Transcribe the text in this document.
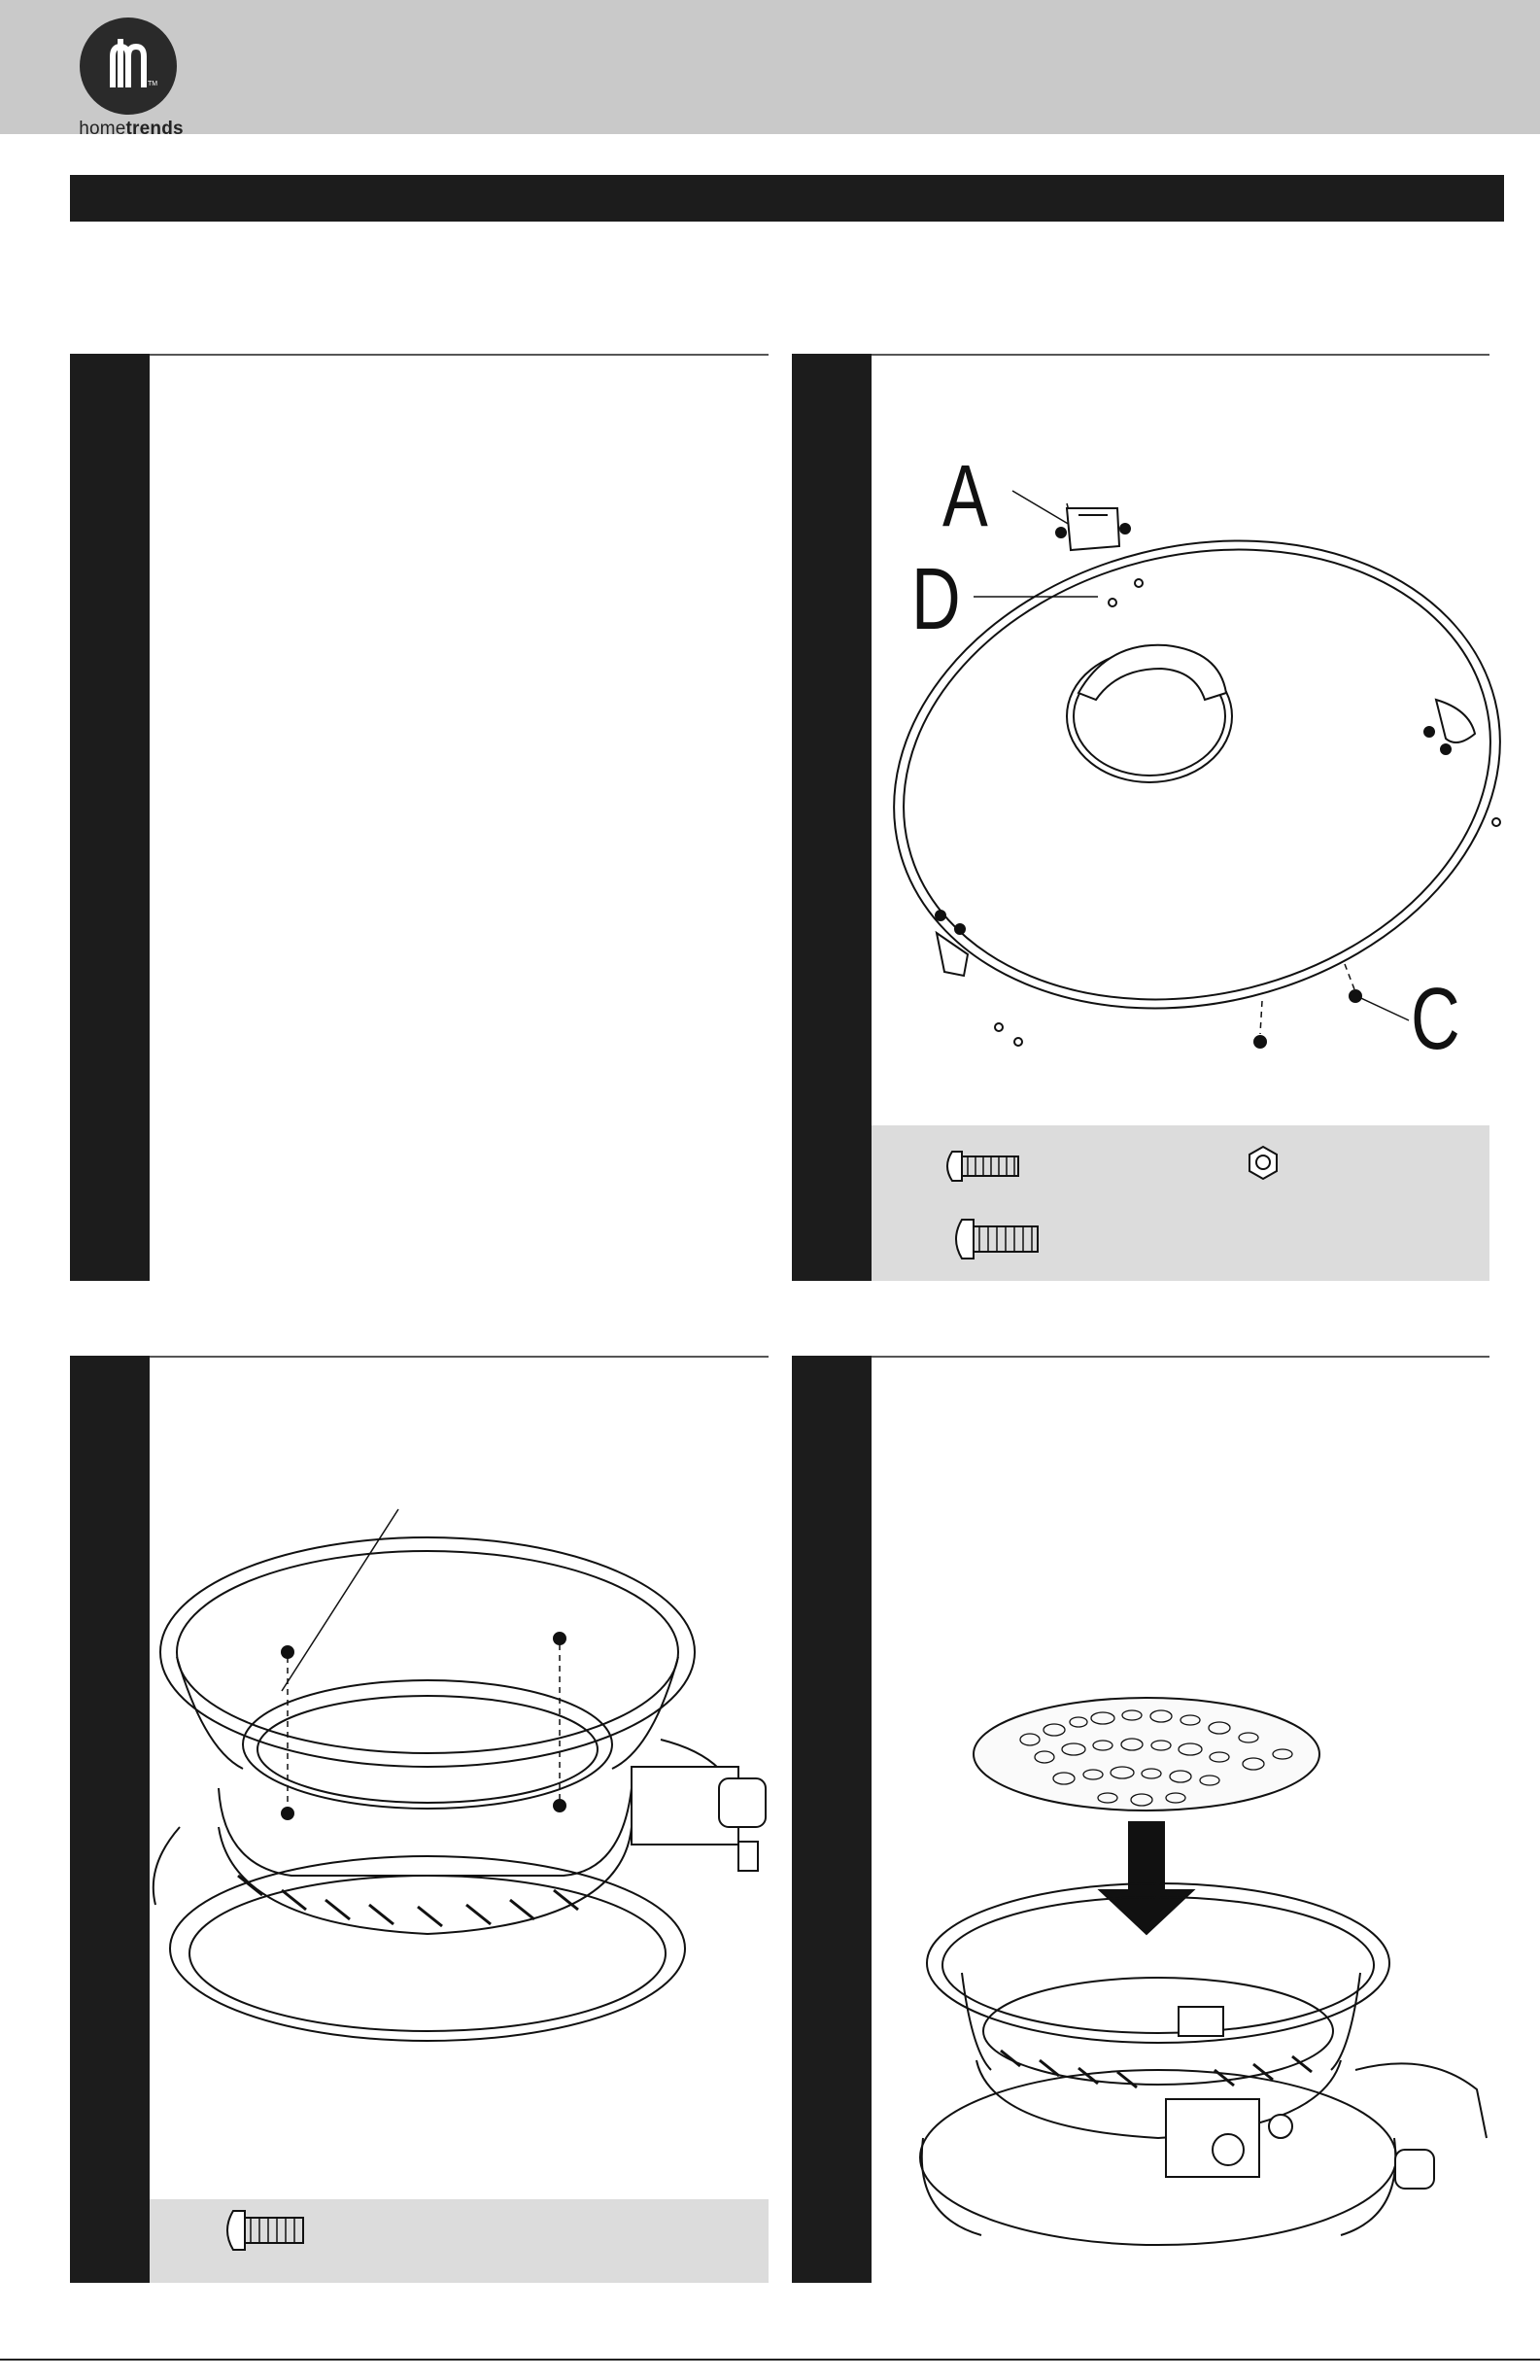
TM
hometrends
A
D
C
